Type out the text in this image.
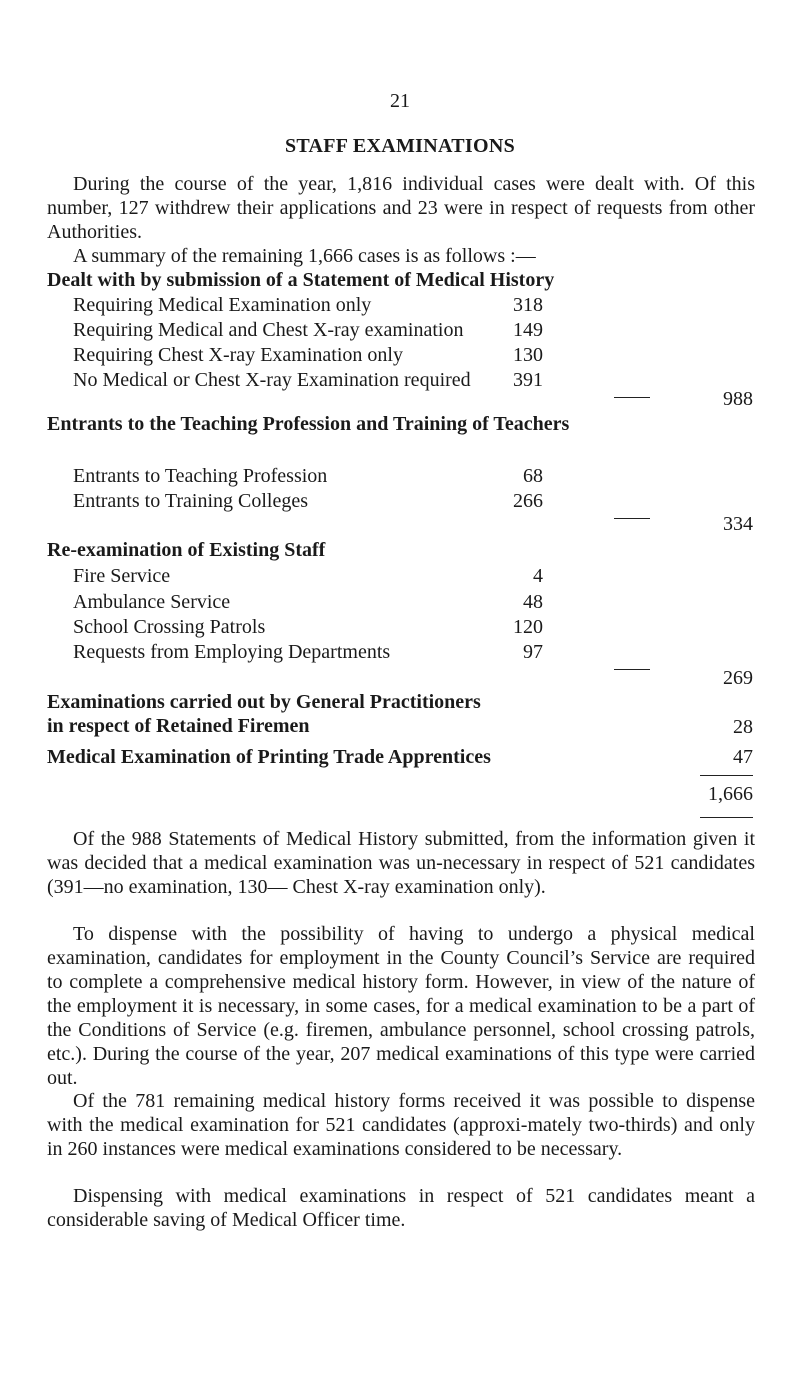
21
STAFF EXAMINATIONS

During the course of the year, 1,816 individual cases were dealt with. Of this number, 127 withdrew their applications and 23 were in respect of requests from other Authorities.

A summary of the remaining 1,666 cases is as follows :—

Dealt with by submission of a Statement of Medical History
Requiring Medical Examination only	318
Requiring Medical and Chest X-ray examination	149
Requiring Chest X-ray Examination only	130
No Medical or Chest X-ray Examination required	391
988
Entrants to the Teaching Profession and Training of Teachers
Entrants to Teaching Profession	68
Entrants to Training Colleges	266
334
Re-examination of Existing Staff
Fire Service	4
Ambulance Service	48
School Crossing Patrols	120
Requests from Employing Departments	97
269
Examinations carried out by General Practitioners in respect of Retained Firemen	28
Medical Examination of Printing Trade Apprentices	47
1,666

Of the 988 Statements of Medical History submitted, from the information given it was decided that a medical examination was un-necessary in respect of 521 candidates (391—no examination, 130— Chest X-ray examination only).

To dispense with the possibility of having to undergo a physical medical examination, candidates for employment in the County Council’s Service are required to complete a comprehensive medical history form. However, in view of the nature of the employment it is necessary, in some cases, for a medical examination to be a part of the Conditions of Service (e.g. firemen, ambulance personnel, school crossing patrols, etc.). During the course of the year, 207 medical examinations of this type were carried out.

Of the 781 remaining medical history forms received it was possible to dispense with the medical examination for 521 candidates (approxi-mately two-thirds) and only in 260 instances were medical examinations considered to be necessary.

Dispensing with medical examinations in respect of 521 candidates meant a considerable saving of Medical Officer time.
